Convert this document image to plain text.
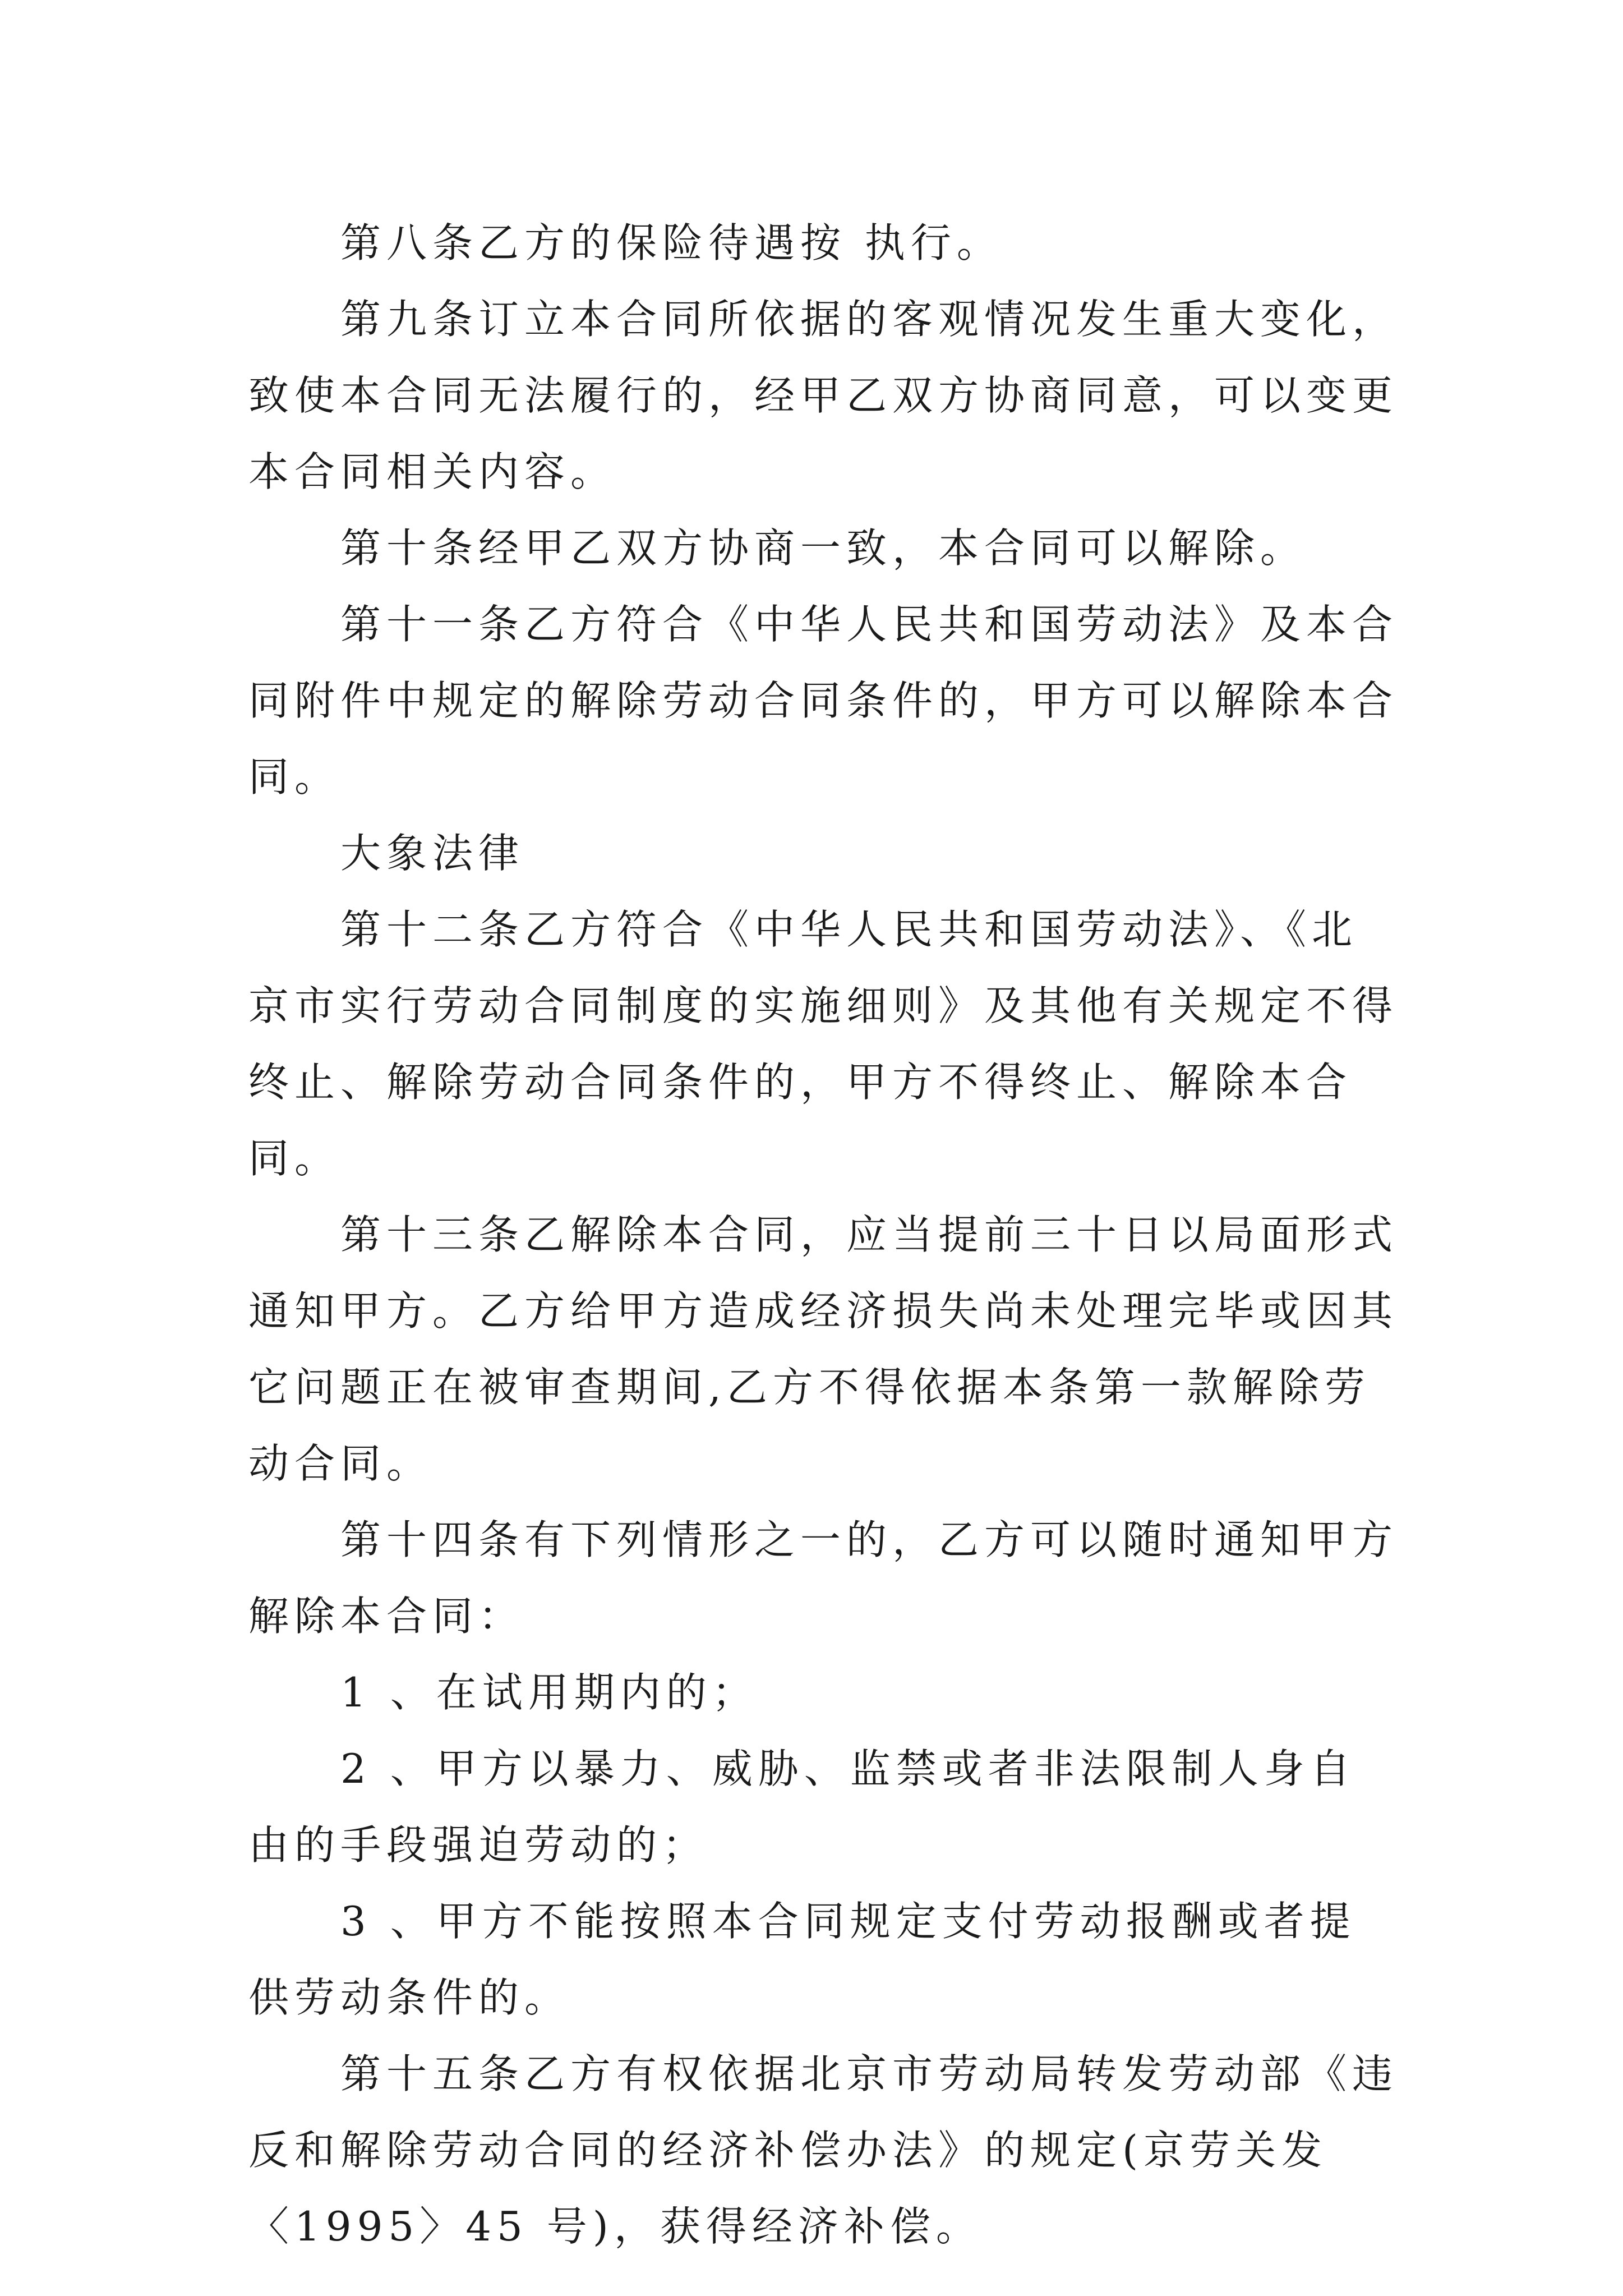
第八条乙方的保险待遇按 执行。

第九条订立本合同所依据的客观情况发生重大变化，致使本合同无法履行的，经甲乙双方协商同意，可以变更本合同相关内容。

第十条经甲乙双方协商一致，本合同可以解除。

第十一条乙方符合《中华人民共和国劳动法》及本合同附件中规定的解除劳动合同条件的，甲方可以解除本合同。

大象法律

第十二条乙方符合《中华人民共和国劳动法》、《北京市实行劳动合同制度的实施细则》及其他有关规定不得终止、解除劳动合同条件的，甲方不得终止、解除本合同。

第十三条乙解除本合同，应当提前三十日以局面形式通知甲方。乙方给甲方造成经济损失尚未处理完毕或因其它问题正在被审查期间,乙方不得依据本条第一款解除劳动合同。

第十四条有下列情形之一的，乙方可以随时通知甲方解除本合同：

1 、在试用期内的；

2 、甲方以暴力、威胁、监禁或者非法限制人身自由的手段强迫劳动的；

3 、甲方不能按照本合同规定支付劳动报酬或者提供劳动条件的。

第十五条乙方有权依据北京市劳动局转发劳动部《违反和解除劳动合同的经济补偿办法》的规定(京劳关发〈1995〉45 号)，获得经济补偿。
